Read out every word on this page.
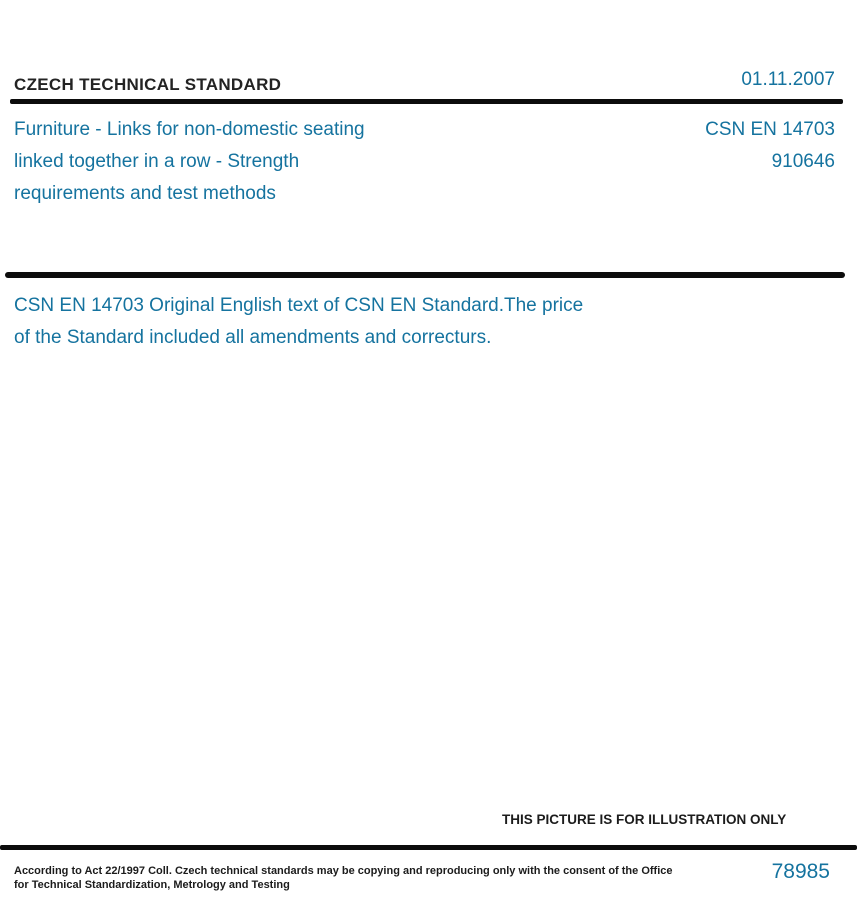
CZECH TECHNICAL STANDARD	01.11.2007
Furniture - Links for non-domestic seating
linked together in a row - Strength
requirements and test methods
CSN EN 14703
910646
CSN EN 14703 Original English text of CSN EN Standard.The price
of the Standard included all amendments and correcturs.
THIS PICTURE IS FOR ILLUSTRATION ONLY
According to Act 22/1997 Coll. Czech technical standards may be copying and reproducing only with the consent of the Office
for Technical Standardization, Metrology and Testing
78985
